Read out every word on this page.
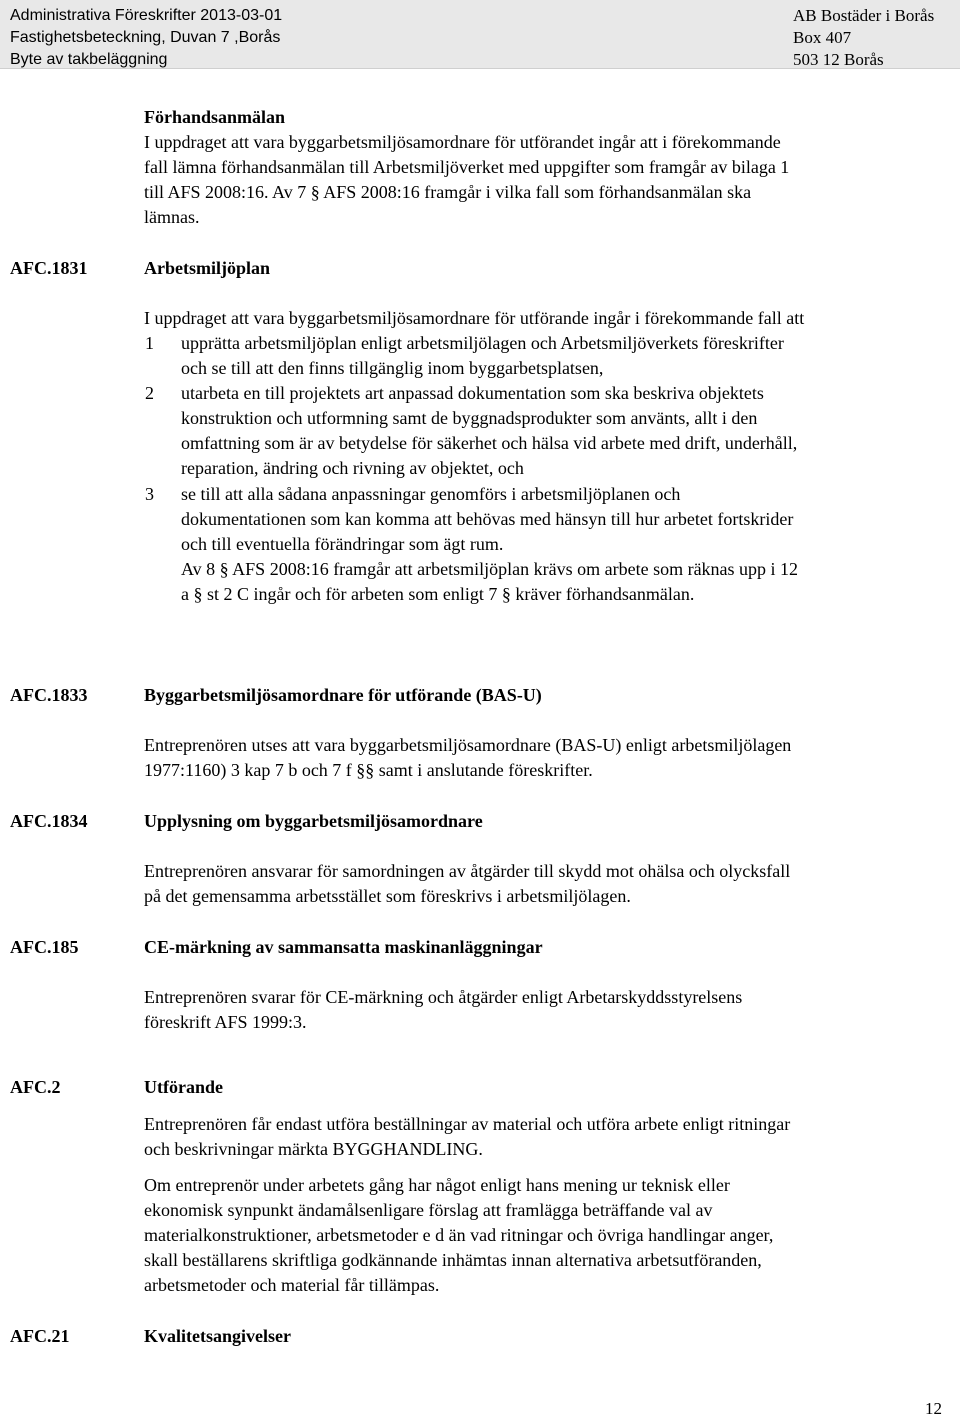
Administrativa Föreskrifter 2013-03-01
Fastighetsbeteckning, Duvan 7 ,Borås
Byte av takbeläggning
AB Bostäder i Borås
Box 407
503 12 Borås
Förhandsanmälan
I uppdraget att vara byggarbetsmiljösamordnare för utförandet ingår att i förekommande
fall lämna förhandsanmälan till Arbetsmiljöverket med uppgifter som framgår av bilaga 1
till AFS 2008:16. Av 7 § AFS 2008:16 framgår i vilka fall som förhandsanmälan ska
lämnas.
AFC.1831	Arbetsmiljöplan
I uppdraget att vara byggarbetsmiljösamordnare för utförande ingår i förekommande fall att
1 upprätta arbetsmiljöplan enligt arbetsmiljölagen och Arbetsmiljöverkets föreskrifter
och se till att den finns tillgänglig inom byggarbetsplatsen,
2 utarbeta en till projektets art anpassad dokumentation som ska beskriva objektets
konstruktion och utformning samt de byggnadsprodukter som använts, allt i den
omfattning som är av betydelse för säkerhet och hälsa vid arbete med drift, underhåll,
reparation, ändring och rivning av objektet, och
3 se till att alla sådana anpassningar genomförs i arbetsmiljöplanen och
dokumentationen som kan komma att behövas med hänsyn till hur arbetet fortskrider
och till eventuella förändringar som ägt rum.
Av 8 § AFS 2008:16 framgår att arbetsmiljöplan krävs om arbete som räknas upp i 12
a § st 2 C ingår och för arbeten som enligt 7 § kräver förhandsanmälan.
AFC.1833	Byggarbetsmiljösamordnare för utförande (BAS-U)
Entreprenören utses att vara byggarbetsmiljösamordnare (BAS-U) enligt arbetsmiljölagen
1977:1160) 3 kap 7 b och 7 f §§ samt i anslutande föreskrifter.
AFC.1834	Upplysning om byggarbetsmiljösamordnare
Entreprenören ansvarar för samordningen av åtgärder till skydd mot ohälsa och olycksfall
på det gemensamma arbetsstället som föreskrivs i arbetsmiljölagen.
AFC.185	CE-märkning av sammansatta maskinanläggningar
Entreprenören svarar för CE-märkning och åtgärder enligt Arbetarskyddsstyrelsens
föreskrift AFS 1999:3.
AFC.2	Utförande
Entreprenören får endast utföra beställningar av material och utföra arbete enligt ritningar
och beskrivningar märkta BYGGHANDLING.
Om entreprenör under arbetets gång har något enligt hans mening ur teknisk eller
ekonomisk synpunkt ändamålsenligare förslag att framlägga beträffande val av
materialkonstruktioner, arbetsmetoder e d än vad ritningar och övriga handlingar anger,
skall beställarens skriftliga godkännande inhämtas innan alternativa arbetsutföranden,
arbetsmetoder och material får tillämpas.
AFC.21	Kvalitetsangivelser
12
